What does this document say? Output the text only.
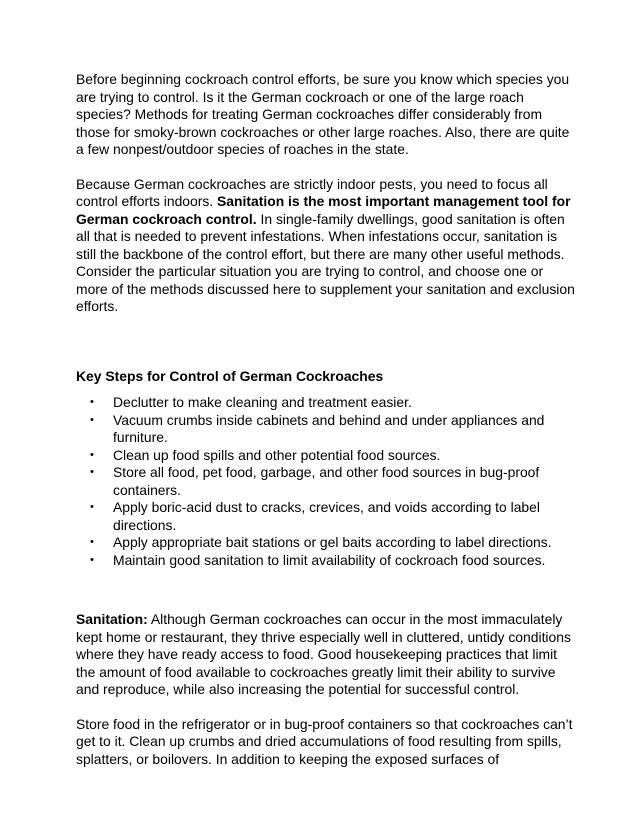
Before beginning cockroach control efforts, be sure you know which species you are trying to control. Is it the German cockroach or one of the large roach species? Methods for treating German cockroaches differ considerably from those for smoky-brown cockroaches or other large roaches. Also, there are quite a few nonpest/outdoor species of roaches in the state.

Because German cockroaches are strictly indoor pests, you need to focus all control efforts indoors. Sanitation is the most important management tool for German cockroach control. In single-family dwellings, good sanitation is often all that is needed to prevent infestations. When infestations occur, sanitation is still the backbone of the control effort, but there are many other useful methods. Consider the particular situation you are trying to control, and choose one or more of the methods discussed here to supplement your sanitation and exclusion efforts.

Key Steps for Control of German Cockroaches
• Declutter to make cleaning and treatment easier.
• Vacuum crumbs inside cabinets and behind and under appliances and furniture.
• Clean up food spills and other potential food sources.
• Store all food, pet food, garbage, and other food sources in bug-proof containers.
• Apply boric-acid dust to cracks, crevices, and voids according to label directions.
• Apply appropriate bait stations or gel baits according to label directions.
• Maintain good sanitation to limit availability of cockroach food sources.

Sanitation: Although German cockroaches can occur in the most immaculately kept home or restaurant, they thrive especially well in cluttered, untidy conditions where they have ready access to food. Good housekeeping practices that limit the amount of food available to cockroaches greatly limit their ability to survive and reproduce, while also increasing the potential for successful control.

Store food in the refrigerator or in bug-proof containers so that cockroaches can’t get to it. Clean up crumbs and dried accumulations of food resulting from spills, splatters, or boilovers. In addition to keeping the exposed surfaces of
